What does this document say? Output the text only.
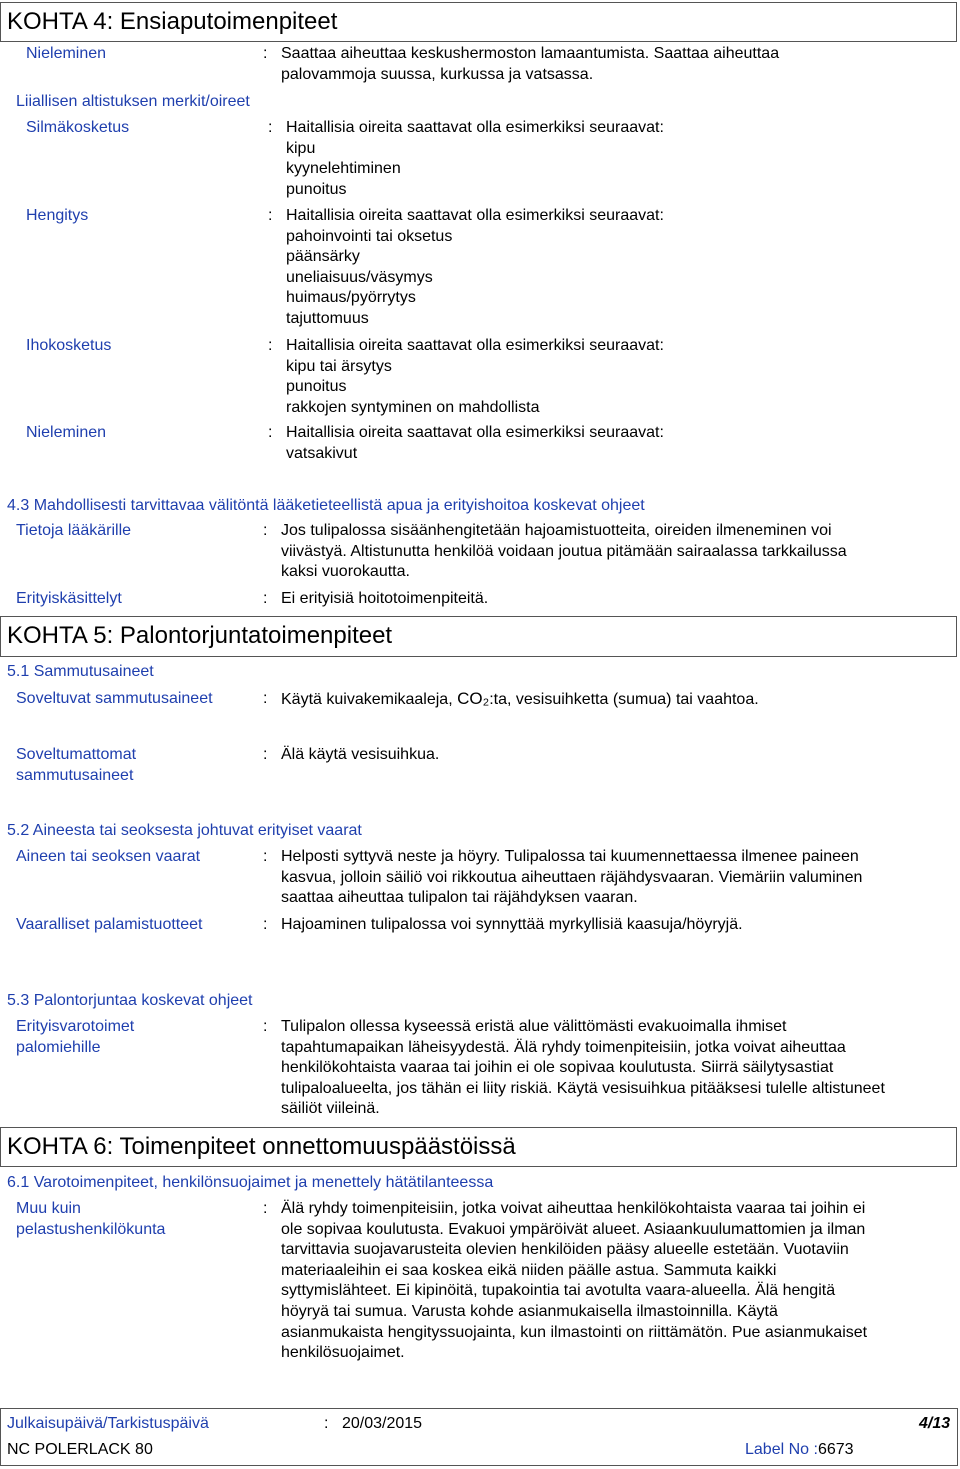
KOHTA 4: Ensiaputoimenpiteet
Nieleminen	: Saattaa aiheuttaa keskushermoston lamaantumista. Saattaa aiheuttaa
palovammoja suussa, kurkussa ja vatsassa.
Liiallisen altistuksen merkit/oireet
Silmäkosketus	: Haitallisia oireita saattavat olla esimerkiksi seuraavat:
kipu
kyynelehtiminen
punoitus
Hengitys	: Haitallisia oireita saattavat olla esimerkiksi seuraavat:
pahoinvointi tai oksetus
päänsärky
uneliaisuus/väsymys
huimaus/pyörrytys
tajuttomuus
Ihokosketus	: Haitallisia oireita saattavat olla esimerkiksi seuraavat:
kipu tai ärsytys
punoitus
rakkojen syntyminen on mahdollista
Nieleminen	: Haitallisia oireita saattavat olla esimerkiksi seuraavat:
vatsakivut
4.3 Mahdollisesti tarvittavaa välitöntä lääketieteellistä apua ja erityishoitoa koskevat ohjeet
Tietoja lääkärille	: Jos tulipalossa sisäänhengitetään hajoamistuotteita, oireiden ilmeneminen voi
viivästyä. Altistunutta henkilöä voidaan joutua pitämään sairaalassa tarkkailussa
kaksi vuorokautta.
Erityiskäsittelyt	: Ei erityisiä hoitotoimenpiteitä.
KOHTA 5: Palontorjuntatoimenpiteet
5.1 Sammutusaineet
Soveltuvat sammutusaineet	: Käytä kuivakemikaaleja, CO₂:ta, vesisuihketta (sumua) tai vaahtoa.
Soveltumattomat
sammutusaineet
: Älä käytä vesisuihkua.
5.2 Aineesta tai seoksesta johtuvat erityiset vaarat
Aineen tai seoksen vaarat	: Helposti syttyvä neste ja höyry. Tulipalossa tai kuumennettaessa ilmenee paineen
kasvua, jolloin säiliö voi rikkoutua aiheuttaen räjähdysvaaran. Viemäriin valuminen
saattaa aiheuttaa tulipalon tai räjähdyksen vaaran.
Vaaralliset palamistuotteet	: Hajoaminen tulipalossa voi synnyttää myrkyllisiä kaasuja/höyryjä.
5.3 Palontorjuntaa koskevat ohjeet
Erityisvarotoimet
palomiehille
: Tulipalon ollessa kyseessä eristä alue välittömästi evakuoimalla ihmiset
tapahtumapaikan läheisyydestä. Älä ryhdy toimenpiteisiin, jotka voivat aiheuttaa
henkilökohtaista vaaraa tai joihin ei ole sopivaa koulutusta. Siirrä säilytysastiat
tulipaloalueelta, jos tähän ei liity riskiä. Käytä vesisuihkua pitääksesi tulelle altistuneet
säiliöt viileinä.
KOHTA 6: Toimenpiteet onnettomuuspäästöissä
6.1 Varotoimenpiteet, henkilönsuojaimet ja menettely hätätilanteessa
Muu kuin
pelastushenkilökunta
: Älä ryhdy toimenpiteisiin, jotka voivat aiheuttaa henkilökohtaista vaaraa tai joihin ei
ole sopivaa koulutusta. Evakuoi ympäröivät alueet. Asiaankuulumattomien ja ilman
tarvittavia suojavarusteita olevien henkilöiden pääsy alueelle estetään. Vuotaviin
materiaaleihin ei saa koskea eikä niiden päälle astua. Sammuta kaikki
syttymislähteet. Ei kipinöitä, tupakointia tai avotulta vaara-alueella. Älä hengitä
höyryä tai sumua. Varusta kohde asianmukaisella ilmastoinnilla. Käytä
asianmukaista hengityssuojainta, kun ilmastointi on riittämätön. Pue asianmukaiset
henkilösuojaimet.
Julkaisupäivä/Tarkistuspäivä	: 20/03/2015	4/13
NC POLERLACK 80	Label No :6673
